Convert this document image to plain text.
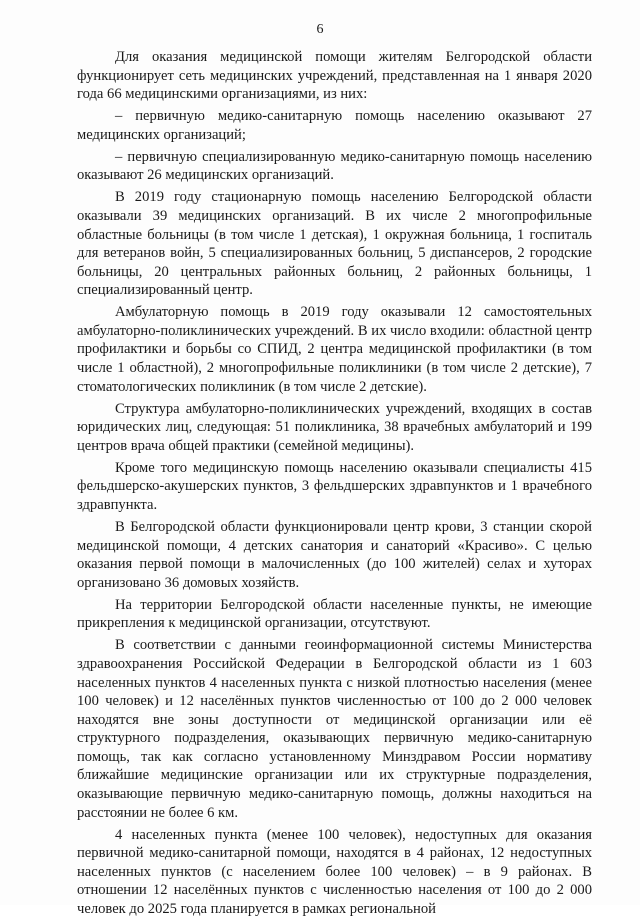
6

Для оказания медицинской помощи жителям Белгородской области функционирует сеть медицинских учреждений, представленная на 1 января 2020 года 66 медицинскими организациями, из них:

– первичную медико-санитарную помощь населению оказывают 27 медицинских организаций;

– первичную специализированную медико-санитарную помощь населению оказывают 26 медицинских организаций.

В 2019 году стационарную помощь населению Белгородской области оказывали 39 медицинских организаций. В их числе 2 многопрофильные областные больницы (в том числе 1 детская), 1 окружная больница, 1 госпиталь для ветеранов войн, 5 специализированных больниц, 5 диспансеров, 2 городские больницы, 20 центральных районных больниц, 2 районных больницы, 1 специализированный центр.

Амбулаторную помощь в 2019 году оказывали 12 самостоятельных амбулаторно-поликлинических учреждений. В их число входили: областной центр профилактики и борьбы со СПИД, 2 центра медицинской профилактики (в том числе 1 областной), 2 многопрофильные поликлиники (в том числе 2 детские), 7 стоматологических поликлиник (в том числе 2 детские).

Структура амбулаторно-поликлинических учреждений, входящих в состав юридических лиц, следующая: 51 поликлиника, 38 врачебных амбулаторий и 199 центров врача общей практики (семейной медицины).

Кроме того медицинскую помощь населению оказывали специалисты 415 фельдшерско-акушерских пунктов, 3 фельдшерских здравпунктов и 1 врачебного здравпункта.

В Белгородской области функционировали центр крови, 3 станции скорой медицинской помощи, 4 детских санатория и санаторий «Красиво». С целью оказания первой помощи в малочисленных (до 100 жителей) селах и хуторах организовано 36 домовых хозяйств.

На территории Белгородской области населенные пункты, не имеющие прикрепления к медицинской организации, отсутствуют.

В соответствии с данными геоинформационной системы Министерства здравоохранения Российской Федерации в Белгородской области из 1 603 населенных пунктов 4 населенных пункта с низкой плотностью населения (менее 100 человек) и 12 населённых пунктов численностью от 100 до 2 000 человек находятся вне зоны доступности от медицинской организации или её структурного подразделения, оказывающих первичную медико-санитарную помощь, так как согласно установленному Минздравом России нормативу ближайшие медицинские организации или их структурные подразделения, оказывающие первичную медико-санитарную помощь, должны находиться на расстоянии не более 6 км.

4 населенных пункта (менее 100 человек), недоступных для оказания первичной медико-санитарной помощи, находятся в 4 районах, 12 недоступных населенных пунктов (с населением более 100 человек) – в 9 районах. В отношении 12 населённых пунктов с численностью населения от 100 до 2 000 человек до 2025 года планируется в рамках региональной
